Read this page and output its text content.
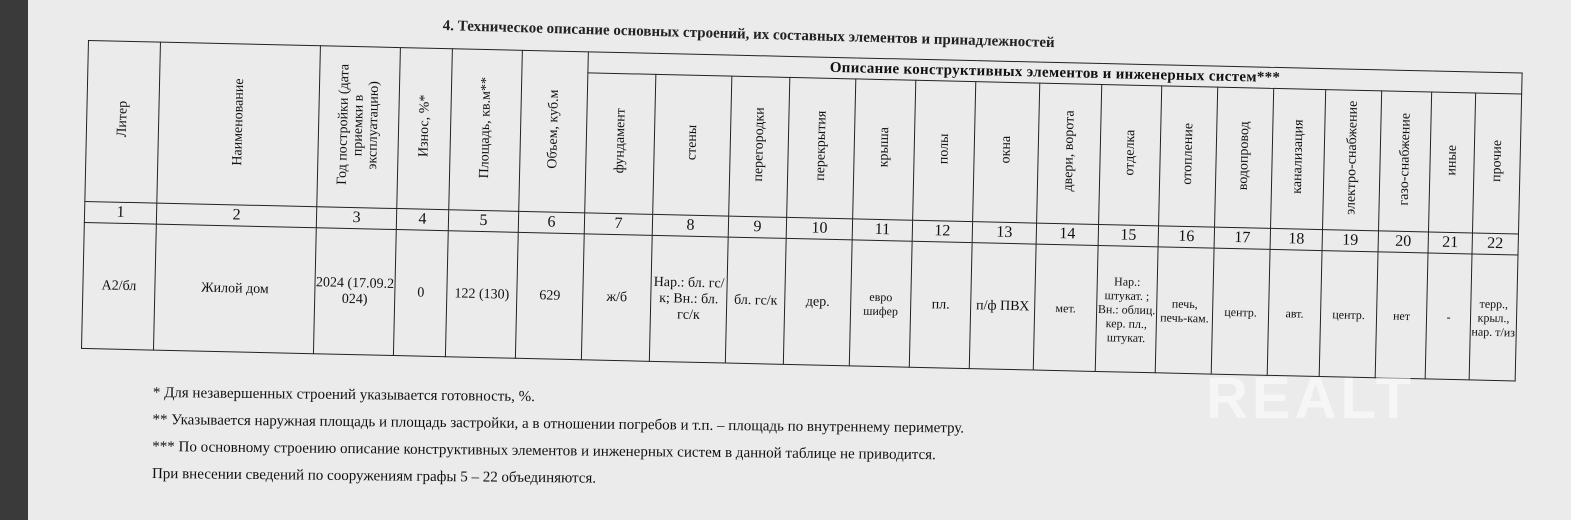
4. Техническое описание основных строений, их составных элементов и принадлежностей
Литер	Наименование	Год постройки (дата приемки в эксплуатацию)	Износ, %*	Площадь, кв.м**	Объем, куб.м	Описание конструктивных элементов и инженерных систем***															
						фундамент	стены	перегородки	перекрытия	крыша	полы	окна	двери, ворота	отделка	отопление	водопровод	канализация	электро-снабжение	газо-снабжение	иные	прочие
1	2	3	4	5	6	7	8	9	10	11	12	13	14	15	16	17	18	19	20	21	22
А2/бл	Жилой дом	2024 (17.09.2 024)	0	122 (130)	629	ж/б	Нар.: бл. гс/к; Вн.: бл. гс/к	бл. гс/к	дер.	евро шифер	пл.	п/ф ПВХ	мет.	Нар.: штукат. ; Вн.: облиц. кер. пл., штукат.	печь, печь-кам.	центр.	авт.	центр.	нет	-	терр., крыл., нар. т/из
* Для незавершенных строений указывается готовность, %.
** Указывается наружная площадь и площадь застройки, а в отношении погребов и т.п. – площадь по внутреннему периметру.
*** По основному строению описание конструктивных элементов и инженерных систем в данной таблице не приводится.
При внесении сведений по сооружениям графы 5 – 22 объединяются.
REALT
